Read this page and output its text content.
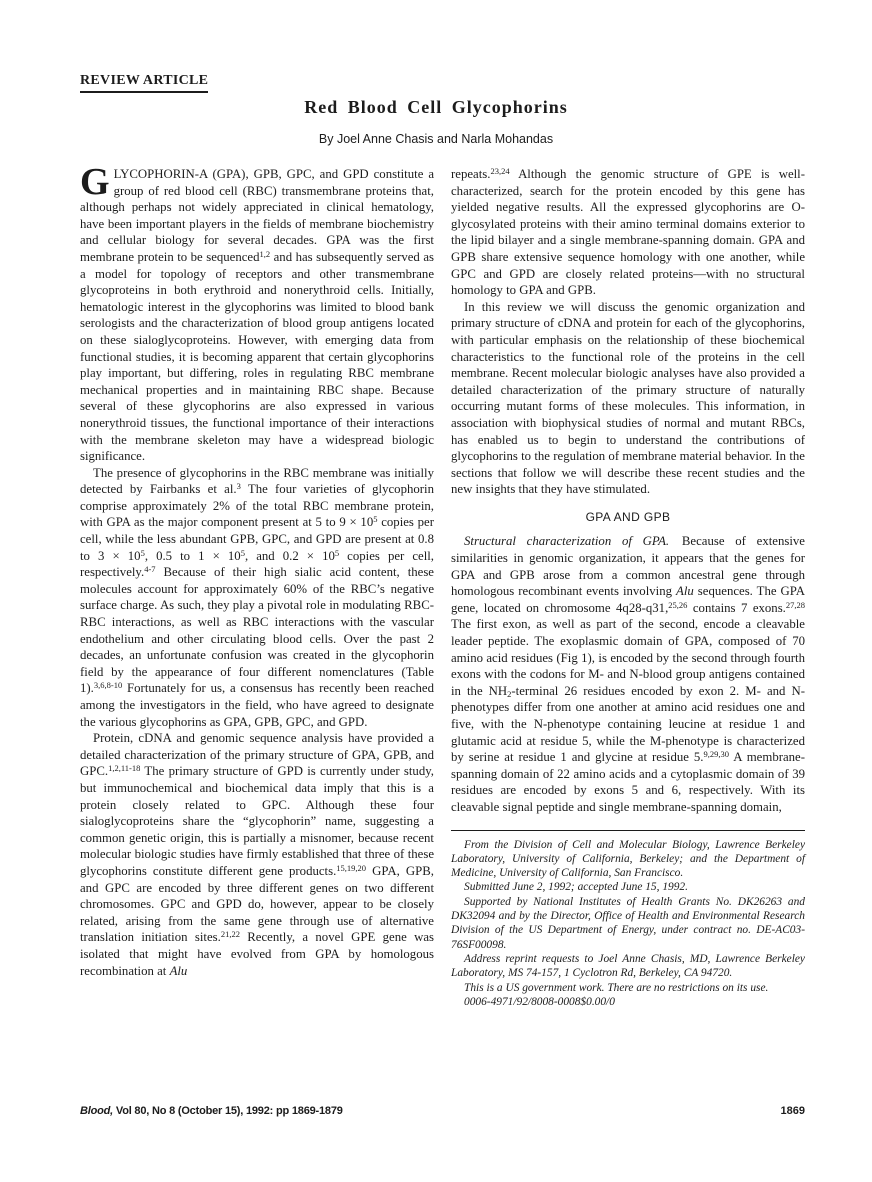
REVIEW ARTICLE
Red Blood Cell Glycophorins
By Joel Anne Chasis and Narla Mohandas

GLYCOPHORIN-A (GPA), GPB, GPC, and GPD constitute a group of red blood cell (RBC) transmembrane proteins that, although perhaps not widely appreciated in clinical hematology, have been important players in the fields of membrane biochemistry and cellular biology for several decades. GPA was the first membrane protein to be sequenced$^{1,2}$ and has subsequently served as a model for topology of receptors and other transmembrane glycoproteins in both erythroid and nonerythroid cells. Initially, hematologic interest in the glycophorins was limited to blood bank serologists and the characterization of blood group antigens located on these sialoglycoproteins. However, with emerging data from functional studies, it is becoming apparent that certain glycophorins play important, but differing, roles in regulating RBC membrane mechanical properties and in maintaining RBC shape. Because several of these glycophorins are also expressed in various nonerythroid tissues, the functional importance of their interactions with the membrane skeleton may have a widespread biologic significance.

The presence of glycophorins in the RBC membrane was initially detected by Fairbanks et al.$^3$ The four varieties of glycophorin comprise approximately 2% of the total RBC membrane protein, with GPA as the major component present at 5 to $9 \times 10^5$ copies per cell, while the less abundant GPB, GPC, and GPD are present at 0.8 to $3 \times 10^5$, 0.5 to $1 \times 10^5$, and $0.2 \times 10^5$ copies per cell, respectively.$^{4-7}$ Because of their high sialic acid content, these molecules account for approximately 60% of the RBC’s negative surface charge. As such, they play a pivotal role in modulating RBC-RBC interactions, as well as RBC interactions with the vascular endothelium and other circulating blood cells. Over the past 2 decades, an unfortunate confusion was created in the glycophorin field by the appearance of four different nomenclatures (Table 1).$^{3,6,8-10}$ Fortunately for us, a consensus has recently been reached among the investigators in the field, who have agreed to designate the various glycophorins as GPA, GPB, GPC, and GPD.

Protein, cDNA and genomic sequence analysis have provided a detailed characterization of the primary structure of GPA, GPB, and GPC.$^{1,2,11-18}$ The primary structure of GPD is currently under study, but immunochemical and biochemical data imply that this is a protein closely related to GPC. Although these four sialoglycoproteins share the “glycophorin” name, suggesting a common genetic origin, this is partially a misnomer, because recent molecular biologic studies have firmly established that three of these glycophorins constitute different gene products.$^{15,19,20}$ GPA, GPB, and GPC are encoded by three different genes on two different chromosomes. GPC and GPD do, however, appear to be closely related, arising from the same gene through use of alternative translation initiation sites.$^{21,22}$ Recently, a novel GPE gene was isolated that might have evolved from GPA by homologous recombination at Alu

repeats.$^{23,24}$ Although the genomic structure of GPE is well-characterized, search for the protein encoded by this gene has yielded negative results. All the expressed glycophorins are O-glycosylated proteins with their amino terminal domains exterior to the lipid bilayer and a single membrane-spanning domain. GPA and GPB share extensive sequence homology with one another, while GPC and GPD are closely related proteins—with no structural homology to GPA and GPB.

In this review we will discuss the genomic organization and primary structure of cDNA and protein for each of the glycophorins, with particular emphasis on the relationship of these biochemical characteristics to the functional role of the proteins in the cell membrane. Recent molecular biologic analyses have also provided a detailed characterization of the primary structure of naturally occurring mutant forms of these molecules. This information, in association with biophysical studies of normal and mutant RBCs, has enabled us to begin to understand the contributions of glycophorins to the regulation of membrane material behavior. In the sections that follow we will describe these recent studies and the new insights that they have stimulated.

GPA AND GPB

Structural characterization of GPA. Because of extensive similarities in genomic organization, it appears that the genes for GPA and GPB arose from a common ancestral gene through homologous recombinant events involving Alu sequences. The GPA gene, located on chromosome 4q28-q31,$^{25,26}$ contains 7 exons.$^{27,28}$ The first exon, as well as part of the second, encode a cleavable leader peptide. The exoplasmic domain of GPA, composed of 70 amino acid residues (Fig 1), is encoded by the second through fourth exons with the codons for M- and N-blood group antigens contained in the $NH_2$-terminal 26 residues encoded by exon 2. M- and N-phenotypes differ from one another at amino acid residues one and five, with the N-phenotype containing leucine at residue 1 and glutamic acid at residue 5, while the M-phenotype is characterized by serine at residue 1 and glycine at residue 5.$^{9,29,30}$ A membrane-spanning domain of 22 amino acids and a cytoplasmic domain of 39 residues are encoded by exons 5 and 6, respectively. With its cleavable signal peptide and single membrane-spanning domain,

From the Division of Cell and Molecular Biology, Lawrence Berkeley Laboratory, University of California, Berkeley; and the Department of Medicine, University of California, San Francisco.

Submitted June 2, 1992; accepted June 15, 1992.

Supported by National Institutes of Health Grants No. DK26263 and DK32094 and by the Director, Office of Health and Environmental Research Division of the US Department of Energy, under contract no. DE-AC03-76SF00098.

Address reprint requests to Joel Anne Chasis, MD, Lawrence Berkeley Laboratory, MS 74-157, 1 Cyclotron Rd, Berkeley, CA 94720.

This is a US government work. There are no restrictions on its use.

0006-4971/92/8008-0008$0.00/0

Blood, Vol 80, No 8 (October 15), 1992: pp 1869-1879	1869
